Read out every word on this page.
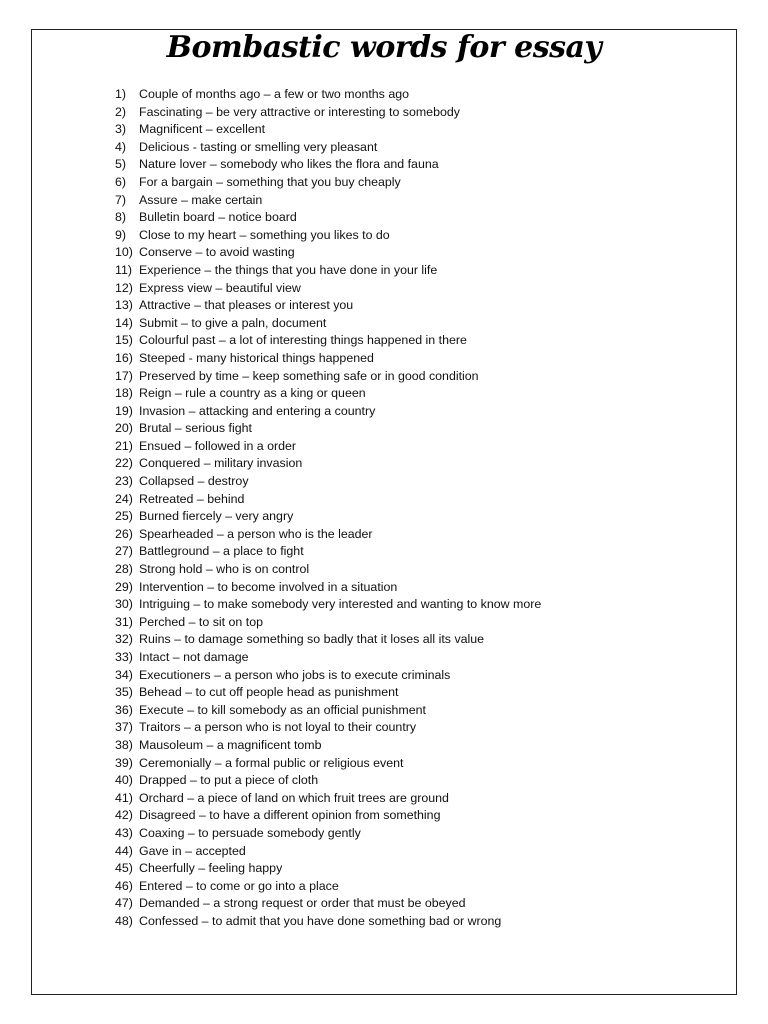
Bombastic words for essay
1)	Couple of months ago – a few or two months ago
2)	Fascinating – be very attractive or interesting to somebody
3)	Magnificent – excellent
4)	Delicious - tasting or smelling very pleasant
5)	Nature lover – somebody who likes the flora and fauna
6)	For a bargain – something that you buy cheaply
7)	Assure – make certain
8)	Bulletin board – notice board
9)	Close to my heart – something you likes to do
10) Conserve – to avoid wasting
11) Experience – the things that you have done in your life
12) Express view – beautiful view
13) Attractive – that pleases or interest you
14) Submit – to give a paln, document
15) Colourful past – a lot of interesting things happened in there
16) Steeped - many historical things happened
17) Preserved by time – keep something safe or in good condition
18) Reign – rule a country as a king or queen
19) Invasion – attacking and entering a country
20) Brutal – serious fight
21) Ensued – followed in a order
22) Conquered – military invasion
23) Collapsed – destroy
24) Retreated – behind
25) Burned fiercely – very angry
26) Spearheaded – a person who is the leader
27) Battleground – a place to fight
28) Strong hold – who is on control
29) Intervention – to become involved in a situation
30) Intriguing – to make somebody very interested and wanting to know more
31) Perched – to sit on top
32) Ruins – to damage something so badly that it loses all its value
33) Intact – not damage
34) Executioners – a person who jobs is to execute criminals
35) Behead – to cut off people head as punishment
36) Execute – to kill somebody as an official punishment
37) Traitors – a person who is not loyal to their country
38) Mausoleum – a magnificent tomb
39) Ceremonially – a formal public or religious event
40) Drapped – to put a piece of cloth
41) Orchard – a piece of land on which fruit trees are ground
42) Disagreed – to have a different opinion from something
43) Coaxing – to persuade somebody gently
44) Gave in – accepted
45) Cheerfully – feeling happy
46) Entered – to come or go into a place
47) Demanded – a strong request or order that must be obeyed
48) Confessed – to admit that you have done something bad or wrong
